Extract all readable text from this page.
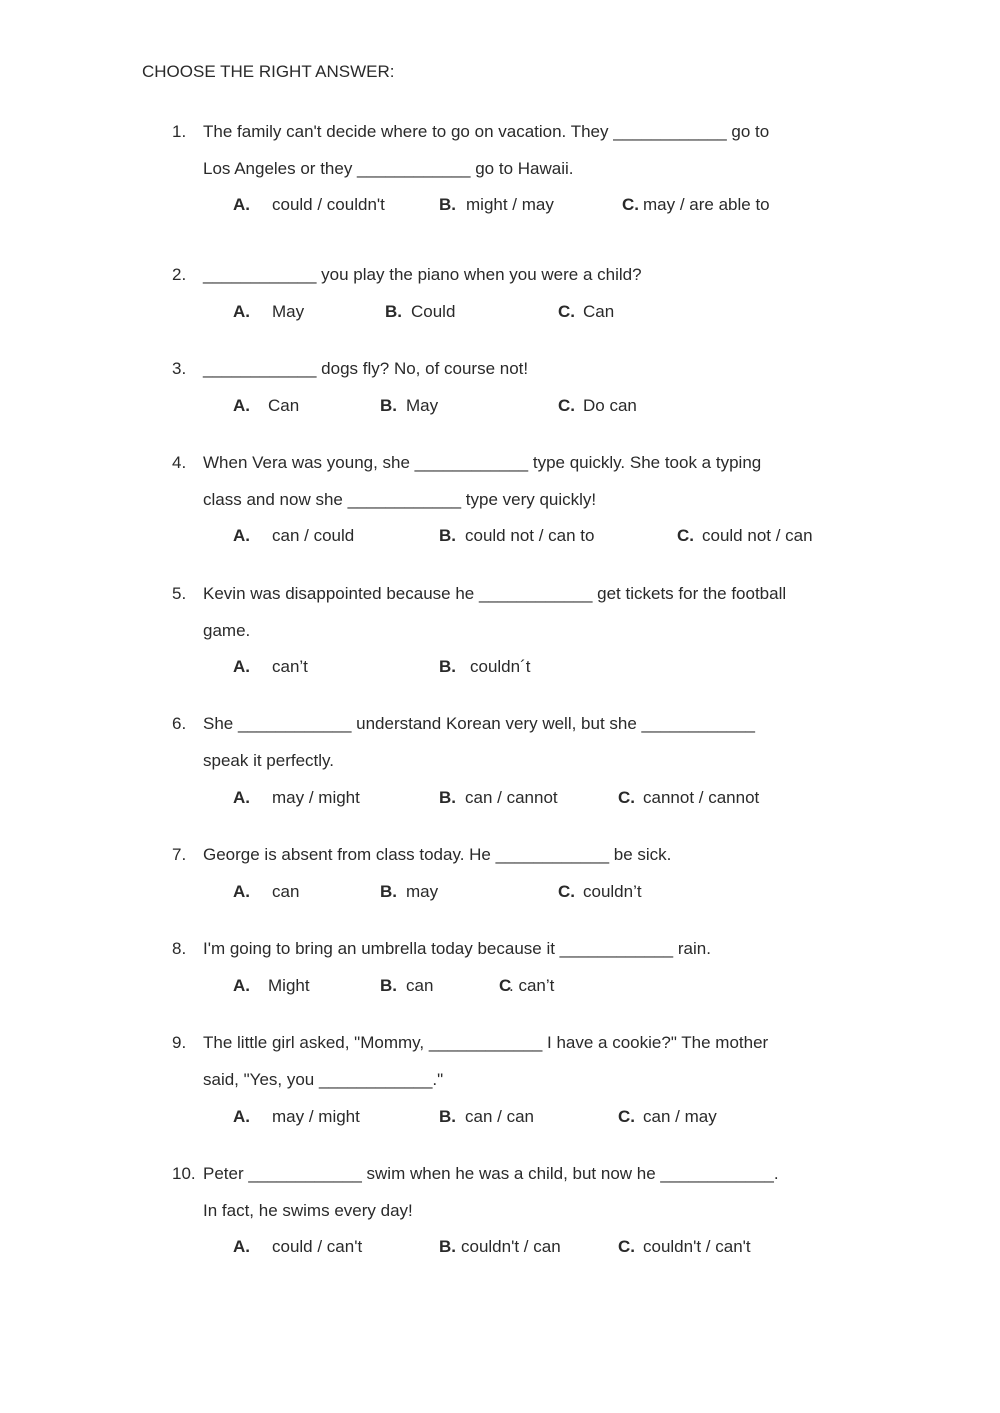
CHOOSE THE RIGHT ANSWER:
1. The family can't decide where to go on vacation. They ____________ go to
Los Angeles or they ____________ go to Hawaii.
A. could / couldn't	B. might / may	C. may / are able to
2. ____________ you play the piano when you were a child?
A. May	B. Could	C. Can
3. ____________ dogs fly? No, of course not!
A. Can	B. May	C. Do can
4. When Vera was young, she ____________ type quickly. She took a typing
class and now she ____________ type very quickly!
A. can / could	B. could not / can to	C. could not / can
5. Kevin was disappointed because he ____________ get tickets for the football
game.
A. can’t	B. couldn´t
6. She ____________ understand Korean very well, but she ____________
speak it perfectly.
A. may / might	B. can / cannot	C. cannot / cannot
7. George is absent from class today. He ____________ be sick.
A. can	B. may	C. couldn’t
8. I'm going to bring an umbrella today because it ____________ rain.
A. Might	B. can	C
. can’t
9. The little girl asked, "Mommy, ____________ I have a cookie?" The mother
said, "Yes, you ____________."
A. may / might	B. can / can	C. can / may
10. Peter ____________ swim when he was a child, but now he ____________.
In fact, he swims every day!
A. could / can't	B. couldn't / can	C. couldn't / can't
